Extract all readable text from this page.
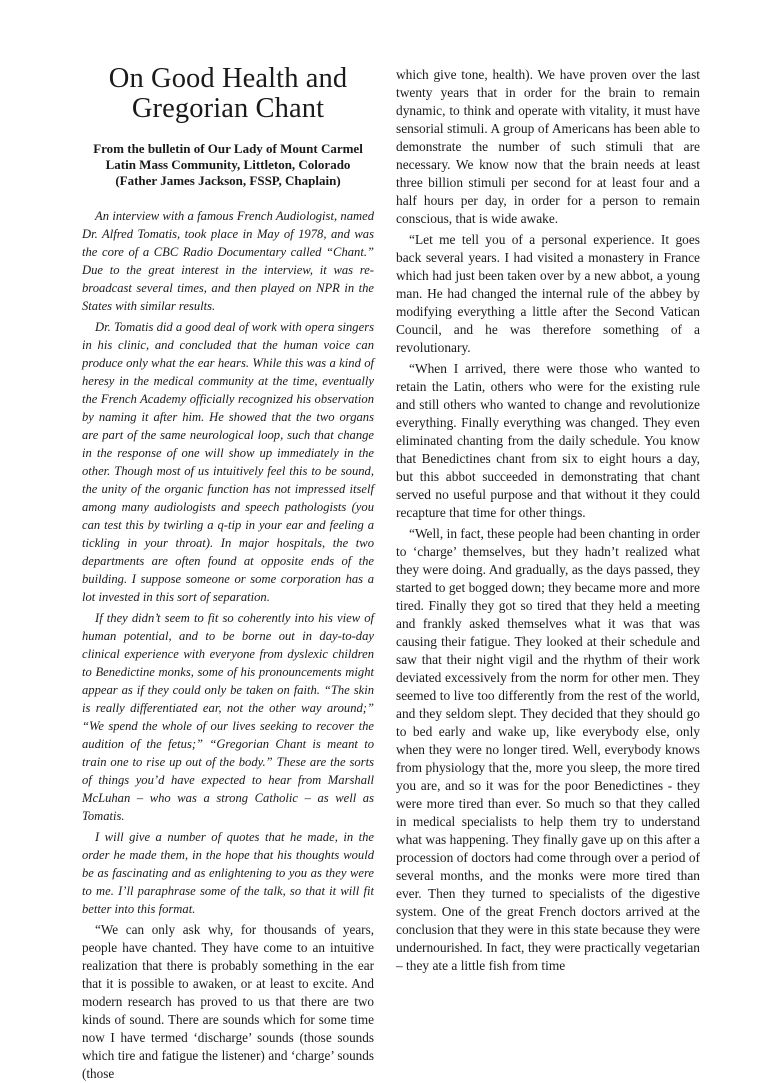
On Good Health and Gregorian Chant
From the bulletin of Our Lady of Mount Carmel
Latin Mass Community, Littleton, Colorado
(Father James Jackson, FSSP, Chaplain)

An interview with a famous French Audiologist, named Dr. Alfred Tomatis, took place in May of 1978, and was the core of a CBC Radio Documentary called “Chant.” Due to the great interest in the interview, it was re-broadcast several times, and then played on NPR in the States with similar results.

Dr. Tomatis did a good deal of work with opera singers in his clinic, and concluded that the human voice can produce only what the ear hears. While this was a kind of heresy in the medical community at the time, eventually the French Academy officially recognized his observation by naming it after him. He showed that the two organs are part of the same neurological loop, such that change in the response of one will show up immediately in the other. Though most of us intuitively feel this to be sound, the unity of the organic function has not impressed itself among many audiologists and speech pathologists (you can test this by twirling a q-tip in your ear and feeling a tickling in your throat). In major hospitals, the two departments are often found at opposite ends of the building. I suppose someone or some corporation has a lot invested in this sort of separation.

If they didn’t seem to fit so coherently into his view of human potential, and to be borne out in day-to-day clinical experience with everyone from dyslexic children to Benedictine monks, some of his pronouncements might appear as if they could only be taken on faith. “The skin is really differentiated ear, not the other way around;” “We spend the whole of our lives seeking to recover the audition of the fetus;” “Gregorian Chant is meant to train one to rise up out of the body.” These are the sorts of things you’d have expected to hear from Marshall McLuhan – who was a strong Catholic – as well as Tomatis.

I will give a number of quotes that he made, in the order he made them, in the hope that his thoughts would be as fascinating and as enlightening to you as they were to me. I’ll paraphrase some of the talk, so that it will fit better into this format.

“We can only ask why, for thousands of years, people have chanted. They have come to an intuitive realization that there is probably something in the ear that it is possible to awaken, or at least to excite. And modern research has proved to us that there are two kinds of sound. There are sounds which for some time now I have termed ‘discharge’ sounds (those sounds which tire and fatigue the listener) and ‘charge’ sounds (those

which give tone, health). We have proven over the last twenty years that in order for the brain to remain dynamic, to think and operate with vitality, it must have sensorial stimuli. A group of Americans has been able to demonstrate the number of such stimuli that are necessary. We know now that the brain needs at least three billion stimuli per second for at least four and a half hours per day, in order for a person to remain conscious, that is wide awake.

“Let me tell you of a personal experience. It goes back several years. I had visited a monastery in France which had just been taken over by a new abbot, a young man. He had changed the internal rule of the abbey by modifying everything a little after the Second Vatican Council, and he was therefore something of a revolutionary.

“When I arrived, there were those who wanted to retain the Latin, others who were for the existing rule and still others who wanted to change and revolutionize everything. Finally everything was changed. They even eliminated chanting from the daily schedule. You know that Benedictines chant from six to eight hours a day, but this abbot succeeded in demonstrating that chant served no useful purpose and that without it they could recapture that time for other things.

“Well, in fact, these people had been chanting in order to ‘charge’ themselves, but they hadn’t realized what they were doing. And gradually, as the days passed, they started to get bogged down; they became more and more tired. Finally they got so tired that they held a meeting and frankly asked themselves what it was that was causing their fatigue. They looked at their schedule and saw that their night vigil and the rhythm of their work deviated excessively from the norm for other men. They seemed to live too differently from the rest of the world, and they seldom slept. They decided that they should go to bed early and wake up, like everybody else, only when they were no longer tired. Well, everybody knows from physiology that the, more you sleep, the more tired you are, and so it was for the poor Benedictines - they were more tired than ever. So much so that they called in medical specialists to help them try to understand what was happening. They finally gave up on this after a procession of doctors had come through over a period of several months, and the monks were more tired than ever. Then they turned to specialists of the digestive system. One of the great French doctors arrived at the conclusion that they were in this state because they were undernourished. In fact, they were practically vegetarian – they ate a little fish from time
